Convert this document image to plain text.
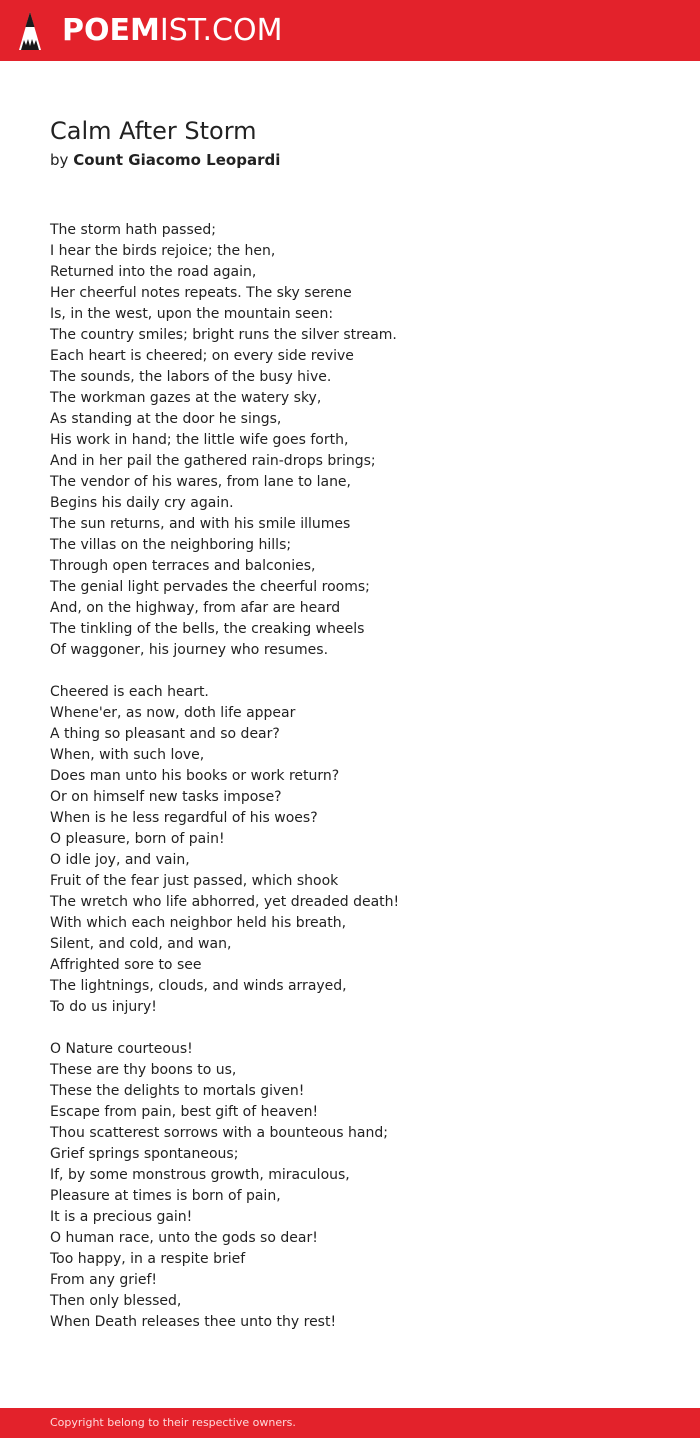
POEMIST.COM
Calm After Storm

by Count Giacomo Leopardi

The storm hath passed;
I hear the birds rejoice; the hen,
Returned into the road again,
Her cheerful notes repeats. The sky serene
Is, in the west, upon the mountain seen:
The country smiles; bright runs the silver stream.
Each heart is cheered; on every side revive
The sounds, the labors of the busy hive.
The workman gazes at the watery sky,
As standing at the door he sings,
His work in hand; the little wife goes forth,
And in her pail the gathered rain-drops brings;
The vendor of his wares, from lane to lane,
Begins his daily cry again.
The sun returns, and with his smile illumes
The villas on the neighboring hills;
Through open terraces and balconies,
The genial light pervades the cheerful rooms;
And, on the highway, from afar are heard
The tinkling of the bells, the creaking wheels
Of waggoner, his journey who resumes.
Cheered is each heart.
Whene'er, as now, doth life appear
A thing so pleasant and so dear?
When, with such love,
Does man unto his books or work return?
Or on himself new tasks impose?
When is he less regardful of his woes?
O pleasure, born of pain!
O idle joy, and vain,
Fruit of the fear just passed, which shook
The wretch who life abhorred, yet dreaded death!
With which each neighbor held his breath,
Silent, and cold, and wan,
Affrighted sore to see
The lightnings, clouds, and winds arrayed,
To do us injury!
O Nature courteous!
These are thy boons to us,
These the delights to mortals given!
Escape from pain, best gift of heaven!
Thou scatterest sorrows with a bounteous hand;
Grief springs spontaneous;
If, by some monstrous growth, miraculous,
Pleasure at times is born of pain,
It is a precious gain!
O human race, unto the gods so dear!
Too happy, in a respite brief
From any grief!
Then only blessed,
When Death releases thee unto thy rest!
Copyright belong to their respective owners.
